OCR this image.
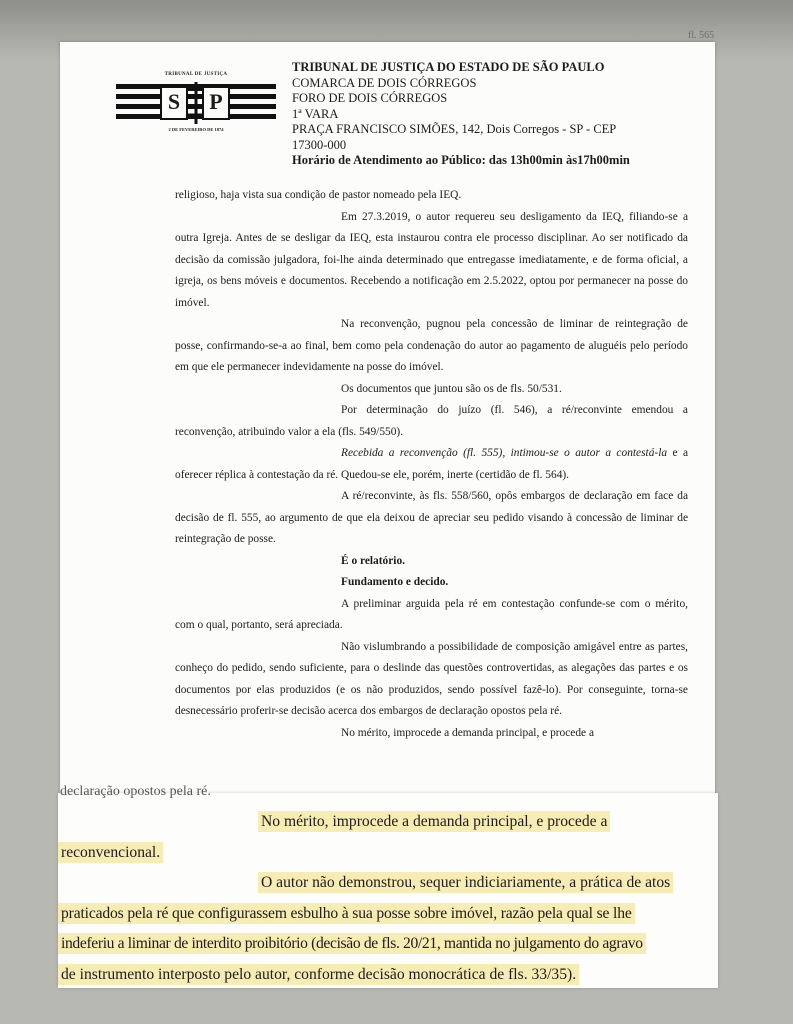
fl. 565
TRIBUNAL DE JUSTIÇA
S	P
2 DE FEVEREIRO DE 1874
TRIBUNAL DE JUSTIÇA DO ESTADO DE SÃO PAULO
COMARCA DE DOIS CÓRREGOS
FORO DE DOIS CÓRREGOS
1ª VARA
PRAÇA FRANCISCO SIMÕES, 142, Dois Corregos - SP - CEP
17300-000
Horário de Atendimento ao Público: das 13h00min às17h00min

religioso, haja vista sua condição de pastor nomeado pela IEQ.

Em 27.3.2019, o autor requereu seu desligamento da IEQ, filiando-se a outra Igreja. Antes de se desligar da IEQ, esta instaurou contra ele processo disciplinar. Ao ser notificado da decisão da comissão julgadora, foi-lhe ainda determinado que entregasse imediatamente, e de forma oficial, a igreja, os bens móveis e documentos. Recebendo a notificação em 2.5.2022, optou por permanecer na posse do imóvel.

Na reconvenção, pugnou pela concessão de liminar de reintegração de posse, confirmando-se-a ao final, bem como pela condenação do autor ao pagamento de aluguéis pelo período em que ele permanecer indevidamente na posse do imóvel.

Os documentos que juntou são os de fls. 50/531.

Por determinação do juízo (fl. 546), a ré/reconvinte emendou a reconvenção, atribuindo valor a ela (fls. 549/550).

Recebida a reconvenção (fl. 555), intimou-se o autor a contestá-la e a oferecer réplica à contestação da ré. Quedou-se ele, porém, inerte (certidão de fl. 564).

A ré/reconvinte, às fls. 558/560, opôs embargos de declaração em face da decisão de fl. 555, ao argumento de que ela deixou de apreciar seu pedido visando à concessão de liminar de reintegração de posse.

É o relatório.

Fundamento e decido.

A preliminar arguida pela ré em contestação confunde-se com o mérito, com o qual, portanto, será apreciada.

Não vislumbrando a possibilidade de composição amigável entre as partes, conheço do pedido, sendo suficiente, para o deslinde das questões controvertidas, as alegações das partes e os documentos por elas produzidos (e os não produzidos, sendo possível fazê-lo). Por conseguinte, torna-se desnecessário proferir-se decisão acerca dos embargos de declaração opostos pela ré.

No mérito, improcede a demanda principal, e procede a

declaração opostos pela ré.

No mérito, improcede a demanda principal, e procede a

reconvencional.

O autor não demonstrou, sequer indiciariamente, a prática de atos

praticados pela ré que configurassem esbulho à sua posse sobre imóvel, razão pela qual se lhe

indeferiu a liminar de interdito proibitório (decisão de fls. 20/21, mantida no julgamento do agravo

de instrumento interposto pelo autor, conforme decisão monocrática de fls. 33/35).
